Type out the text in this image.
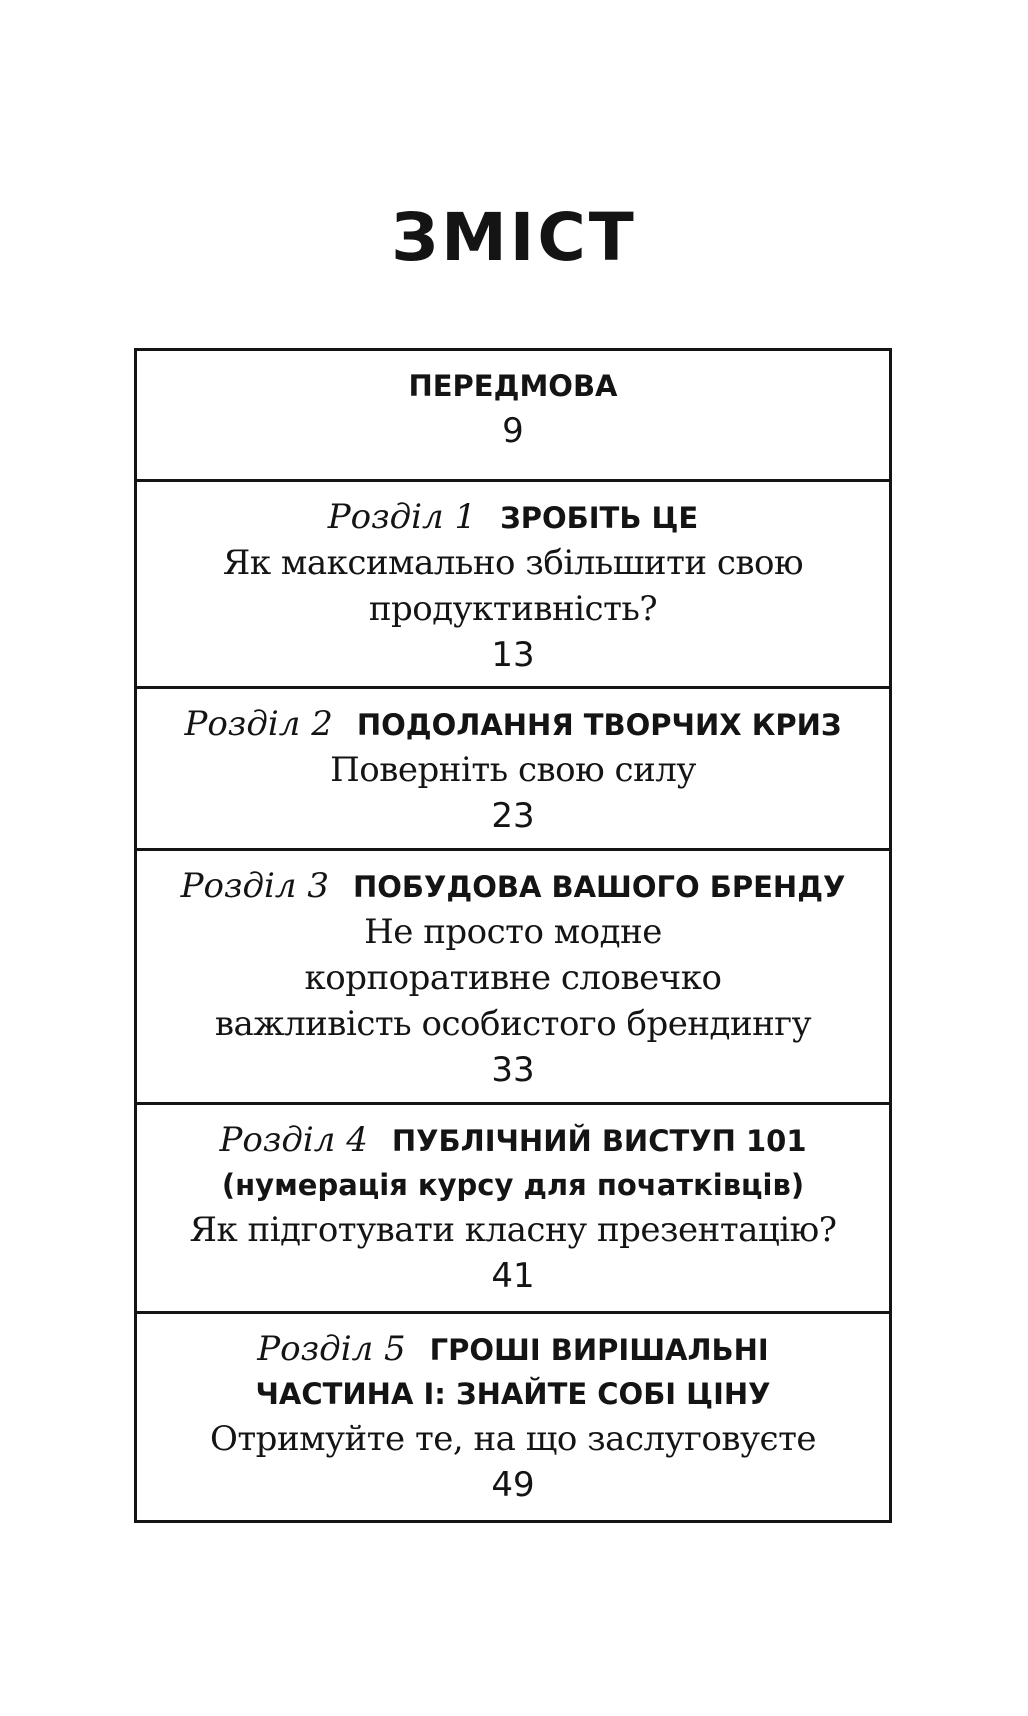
ЗМІСТ
ПЕРЕДМОВА
9
Розділ 1 ЗРОБІТЬ ЦЕ
Як максимально збільшити свою
продуктивність?
13
Розділ 2 ПОДОЛАННЯ ТВОРЧИХ КРИЗ
Поверніть свою силу
23
Розділ 3 ПОБУДОВА ВАШОГО БРЕНДУ
Не просто модне
корпоративне словечко
важливість особистого брендингу
33
Розділ 4 ПУБЛІЧНИЙ ВИСТУП 101
(нумерація курсу для початківців)
Як підготувати класну презентацію?
41
Розділ 5 ГРОШІ ВИРІШАЛЬНІ
ЧАСТИНА І: ЗНАЙТЕ СОБІ ЦІНУ
Отримуйте те, на що заслуговуєте
49
